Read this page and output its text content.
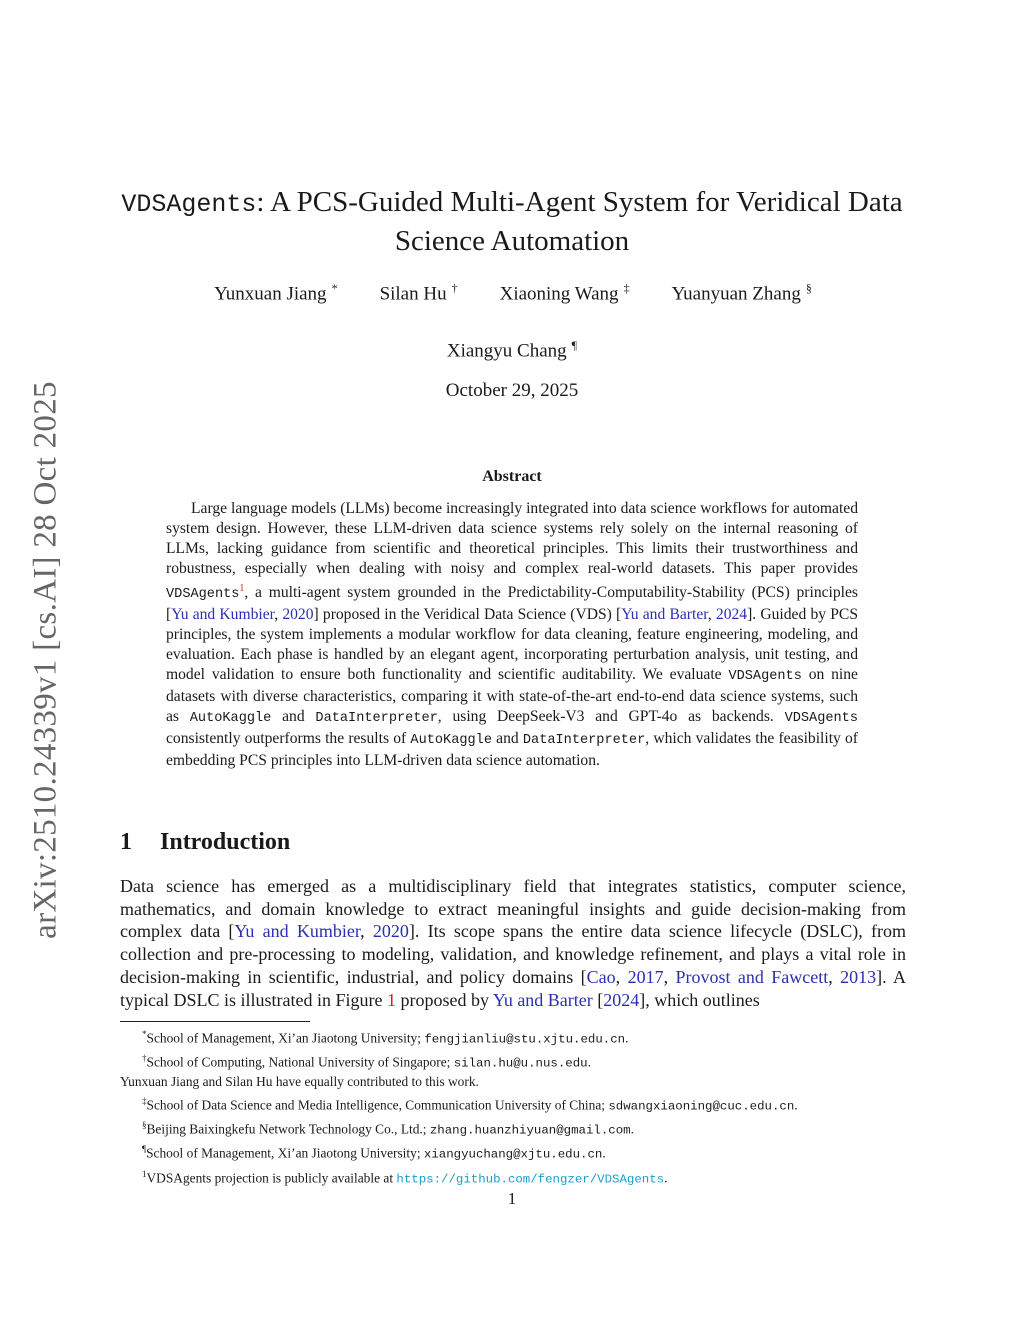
arXiv:2510.24339v1 [cs.AI] 28 Oct 2025
VDSAgents: A PCS-Guided Multi-Agent System for Veridical Data
Science Automation
Yunxuan Jiang *	Silan Hu †	Xiaoning Wang ‡	Yuanyuan Zhang §
Xiangyu Chang ¶
October 29, 2025
Abstract

Large language models (LLMs) become increasingly integrated into data science workflows for automated system design. However, these LLM-driven data science systems rely solely on the internal reasoning of LLMs, lacking guidance from scientific and theoretical principles. This limits their trustworthiness and robustness, especially when dealing with noisy and complex real-world datasets. This paper provides VDSAgents$^1$, a multi-agent system grounded in the Predictability-Computability-Stability (PCS) principles [Yu and Kumbier, 2020] proposed in the Veridical Data Science (VDS) [Yu and Barter, 2024]. Guided by PCS principles, the system implements a modular workflow for data cleaning, feature engineering, modeling, and evaluation. Each phase is handled by an elegant agent, incorporating perturbation analysis, unit testing, and model validation to ensure both functionality and scientific auditability. We evaluate VDSAgents on nine datasets with diverse characteristics, comparing it with state-of-the-art end-to-end data science systems, such as AutoKaggle and DataInterpreter, using DeepSeek-V3 and GPT-4o as backends. VDSAgents consistently outperforms the results of AutoKaggle and DataInterpreter, which validates the feasibility of embedding PCS principles into LLM-driven data science automation.

1 Introduction

Data science has emerged as a multidisciplinary field that integrates statistics, computer science, mathematics, and domain knowledge to extract meaningful insights and guide decision-making from complex data [Yu and Kumbier, 2020]. Its scope spans the entire data science lifecycle (DSLC), from collection and pre-processing to modeling, validation, and knowledge refinement, and plays a vital role in decision-making in scientific, industrial, and policy domains [Cao, 2017, Provost and Fawcett, 2013]. A typical DSLC is illustrated in Figure 1 proposed by Yu and Barter [2024], which outlines

*School of Management, Xi’an Jiaotong University; fengjianliu@stu.xjtu.edu.cn.
†School of Computing, National University of Singapore; silan.hu@u.nus.edu.
Yunxuan Jiang and Silan Hu have equally contributed to this work.
‡School of Data Science and Media Intelligence, Communication University of China; sdwangxiaoning@cuc.edu.cn.
§Beijing Baixingkefu Network Technology Co., Ltd.; zhang.huanzhiyuan@gmail.com.
¶School of Management, Xi’an Jiaotong University; xiangyuchang@xjtu.edu.cn.
$^1$VDSAgents projection is publicly available at https://github.com/fengzer/VDSAgents.
1
